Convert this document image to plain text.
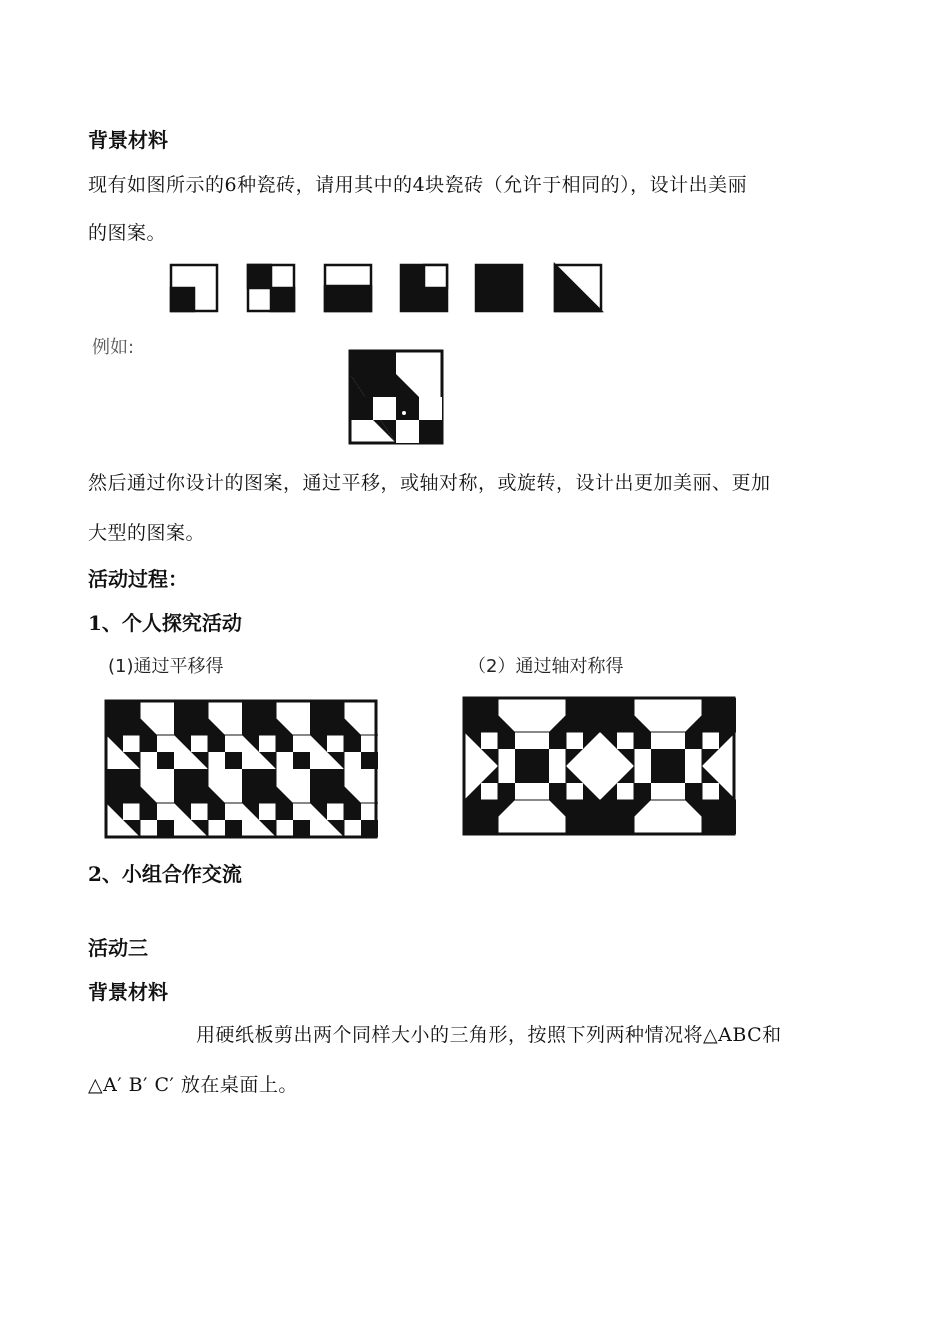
背景材料

现有如图所示的6种瓷砖，请用其中的4块瓷砖（允许于相同的），设计出美丽

的图案。

例如:

然后通过你设计的图案，通过平移，或轴对称，或旋转，设计出更加美丽、更加

大型的图案。

活动过程：

1、个人探究活动

(1)通过平移得	（2）通过轴对称得

2、小组合作交流

活动三

背景材料

用硬纸板剪出两个同样大小的三角形，按照下列两种情况将△ABC和

△A′ B′ C′ 放在桌面上。
